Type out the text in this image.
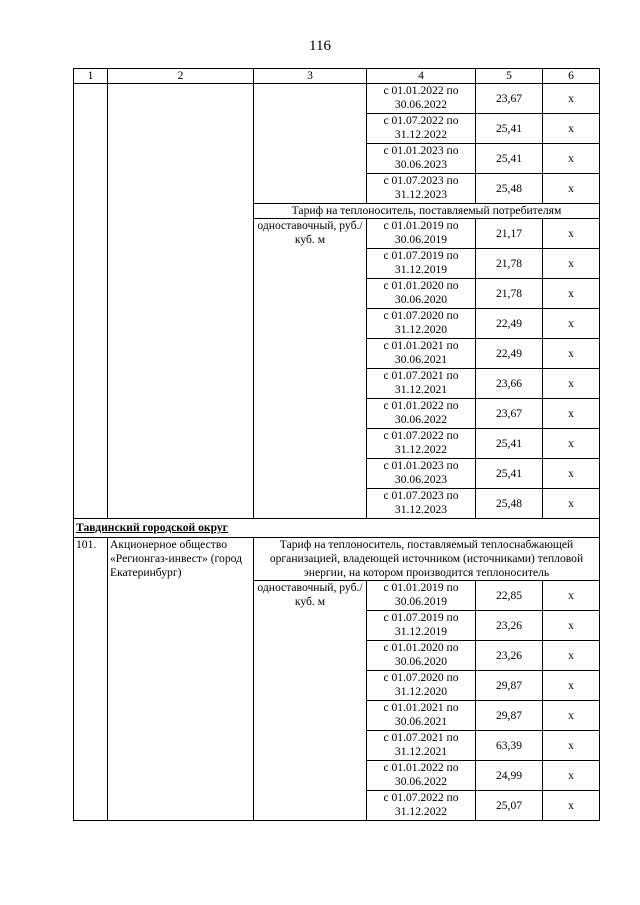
116
1	2	3	4	5	6
			с 01.01.2022 по 30.06.2022	23,67	х
			с 01.07.2022 по 31.12.2022	25,41	х
			с 01.01.2023 по 30.06.2023	25,41	х
			с 01.07.2023 по 31.12.2023	25,48	х
		Тариф на теплоноситель, поставляемый потребителям			
		одноставочный, руб./куб. м	с 01.01.2019 по 30.06.2019	21,17	х
			с 01.07.2019 по 31.12.2019	21,78	х
			с 01.01.2020 по 30.06.2020	21,78	х
			с 01.07.2020 по 31.12.2020	22,49	х
			с 01.01.2021 по 30.06.2021	22,49	х
			с 01.07.2021 по 31.12.2021	23,66	х
			с 01.01.2022 по 30.06.2022	23,67	х
			с 01.07.2022 по 31.12.2022	25,41	х
			с 01.01.2023 по 30.06.2023	25,41	х
			с 01.07.2023 по 31.12.2023	25,48	х
Тавдинский городской округ					
101.	Акционерное общество «Регионгаз-инвест» (город Екатеринбург)	Тариф на теплоноситель, поставляемый теплоснабжающей организацией, владеющей источником (источниками) тепловой энергии, на котором производится теплоноситель			
		одноставочный, руб./куб. м	с 01.01.2019 по 30.06.2019	22,85	х
			с 01.07.2019 по 31.12.2019	23,26	х
			с 01.01.2020 по 30.06.2020	23,26	х
			с 01.07.2020 по 31.12.2020	29,87	х
			с 01.01.2021 по 30.06.2021	29,87	х
			с 01.07.2021 по 31.12.2021	63,39	х
			с 01.01.2022 по 30.06.2022	24,99	х
			с 01.07.2022 по 31.12.2022	25,07	х
